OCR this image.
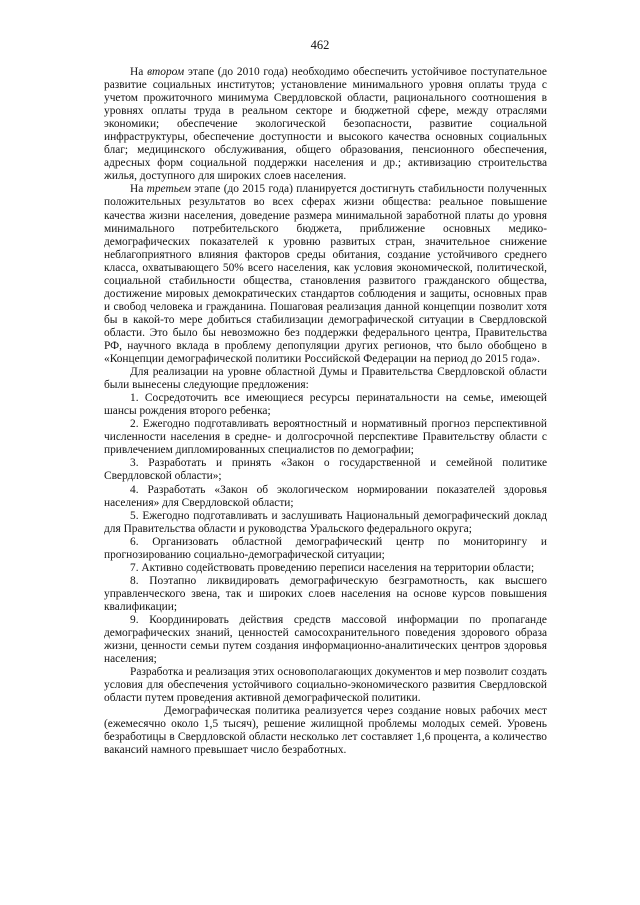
462

На втором этапе (до 2010 года) необходимо обеспечить устойчивое поступательное развитие социальных институтов; установление минимального уровня оплаты труда с учетом прожиточного минимума Свердловской области, рационального соотношения в уровнях оплаты труда в реальном секторе и бюджетной сфере, между отраслями экономики; обеспечение экологической безопасности, развитие социальной инфраструктуры, обеспечение доступности и высокого качества основных социальных благ; медицинского обслуживания, общего образования, пенсионного обеспечения, адресных форм социальной поддержки населения и др.; активизацию строительства жилья, доступного для широких слоев населения.

На третьем этапе (до 2015 года) планируется достигнуть стабильности полученных положительных результатов во всех сферах жизни общества: реальное повышение качества жизни населения, доведение размера минимальной заработной платы до уровня минимального потребительского бюджета, приближение основных медико-демографических показателей к уровню развитых стран, значительное снижение неблагоприятного влияния факторов среды обитания, создание устойчивого среднего класса, охватывающего 50% всего населения, как условия экономической, политической, социальной стабильности общества, становления развитого гражданского общества, достижение мировых демократических стандартов соблюдения и защиты, основных прав и свобод человека и гражданина. Пошаговая реализация данной концепции позволит хотя бы в какой-то мере добиться стабилизации демографической ситуации в Свердловской области. Это было бы невозможно без поддержки федерального центра, Правительства РФ, научного вклада в проблему депопуляции других регионов, что было обобщено в «Концепции демографической политики Российской Федерации на период до 2015 года».

Для реализации на уровне областной Думы и Правительства Свердловской области были вынесены следующие предложения:

1. Сосредоточить все имеющиеся ресурсы перинатальности на семье, имеющей шансы рождения второго ребенка;

2. Ежегодно подготавливать вероятностный и нормативный прогноз перспективной численности населения в средне- и долгосрочной перспективе Правительству области с привлечением дипломированных специалистов по демографии;

3. Разработать и принять «Закон о государственной и семейной политике Свердловской области»;

4. Разработать «Закон об экологическом нормировании показателей здоровья населения» для Свердловской области;

5. Ежегодно подготавливать и заслушивать Национальный демографический доклад для Правительства области и руководства Уральского федерального округа;

6. Организовать областной демографический центр по мониторингу и прогнозированию социально-демографической ситуации;

7. Активно содействовать проведению переписи населения на территории области;

8. Поэтапно ликвидировать демографическую безграмотность, как высшего управленческого звена, так и широких слоев населения на основе курсов повышения квалификации;

9. Координировать действия средств массовой информации по пропаганде демографических знаний, ценностей самосохранительного поведения здорового образа жизни, ценности семьи путем создания информационно-аналитических центров здоровья населения;

Разработка и реализация этих основополагающих документов и мер позволит создать условия для обеспечения устойчивого социально-экономического развития Свердловской области путем проведения активной демографической политики.

Демографическая политика реализуется через создание новых рабочих мест (ежемесячно около 1,5 тысяч), решение жилищной проблемы молодых семей. Уровень безработицы в Свердловской области несколько лет составляет 1,6 процента, а количество вакансий намного превышает число безработных.
